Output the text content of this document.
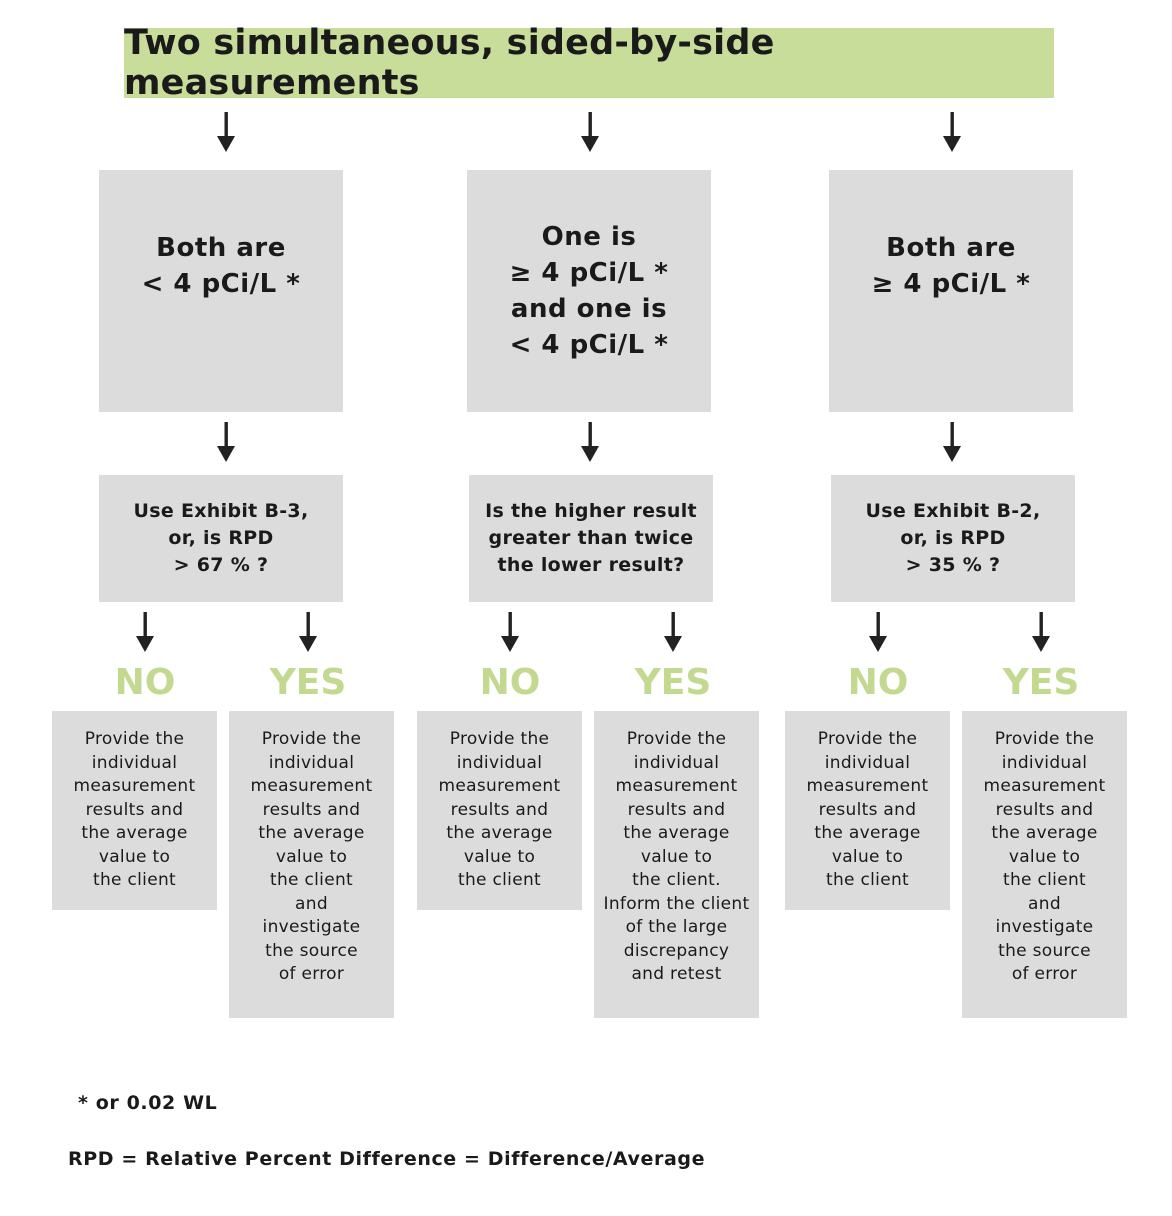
Two simultaneous, sided-by-side measurements
Both are
< 4 pCi/L *
Use Exhibit B-3,
or, is RPD
> 67 % ?
NO
Provide the
individual
measurement
results and
the average
value to
the client
YES
Provide the
individual
measurement
results and
the average
value to
the client
and
investigate
the source
of error
One is
≥ 4 pCi/L *
and one is
< 4 pCi/L *
Is the higher result
greater than twice
the lower result?
NO
Provide the
individual
measurement
results and
the average
value to
the client
YES
Provide the
individual
measurement
results and
the average
value to
the client.
Inform the client
of the large
discrepancy
and retest
Both are
≥ 4 pCi/L *
Use Exhibit B-2,
or, is RPD
> 35 % ?
NO
Provide the
individual
measurement
results and
the average
value to
the client
YES
Provide the
individual
measurement
results and
the average
value to
the client
and
investigate
the source
of error
* or 0.02 WL
RPD = Relative Percent Difference = Difference/Average
